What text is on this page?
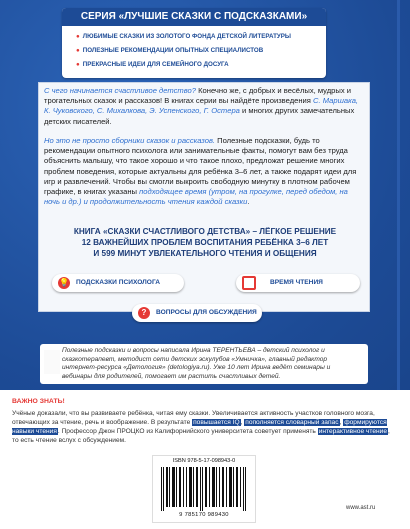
СЕРИЯ «ЛУЧШИЕ СКАЗКИ С ПОДСКАЗКАМИ»
● ЛЮБИМЫЕ СКАЗКИ ИЗ ЗОЛОТОГО ФОНДА ДЕТСКОЙ ЛИТЕРАТУРЫ
● ПОЛЕЗНЫЕ РЕКОМЕНДАЦИИ ОПЫТНЫХ СПЕЦИАЛИСТОВ
● ПРЕКРАСНЫЕ ИДЕИ ДЛЯ СЕМЕЙНОГО ДОСУГА
С чего начинается счастливое детство? Конечно же, с добрых и весёлых, мудрых и трогательных сказок и рассказов! В книгах серии вы найдёте произведения С. Маршака, К. Чуковского, С. Михалкова, Э. Успенского, Г. Остера и многих других замечательных детских писателей.
Но это не просто сборники сказок и рассказов. Полезные подсказки, будь то рекомендации опытного психолога или занимательные факты, помогут вам без труда объяснить малышу, что такое хорошо и что такое плохо, предложат решение многих проблем поведения, которые актуальны для ребёнка 3–6 лет, а также подарят идеи для игр и развлечений. Чтобы вы смогли выкроить свободную минутку в плотном рабочем графике, в книгах указаны подходящее время (утром, на прогулке, перед обедом, на ночь и др.) и продолжительность чтения каждой сказки.
КНИГА «СКАЗКИ СЧАСТЛИВОГО ДЕТСТВА» – ЛЁГКОЕ РЕШЕНИЕ
12 ВАЖНЕЙШИХ ПРОБЛЕМ ВОСПИТАНИЯ РЕБЁНКА 3–6 ЛЕТ
И 599 МИНУТ УВЛЕКАТЕЛЬНОГО ЧТЕНИЯ И ОБЩЕНИЯ
💡 ПОДСКАЗКИ ПСИХОЛОГА	ВРЕМЯ ЧТЕНИЯ
?	ВОПРОСЫ ДЛЯ ОБСУЖДЕНИЯ
Полезные подсказки и вопросы написала Ирина ТЕРЕНТЬЕВА – детский психолог и сказкотерапевт, методист сети детских эскулубов «Умничка», главный редактор интернет-ресурса «Детология» (detologiya.ru). Уже 10 лет Ирина ведёт семинары и вебинары для родителей, помогает им растить счастливых детей.
ВАЖНО ЗНАТЬ!
Учёные доказали, что вы развиваете ребёнка, читая ему сказки. Увеличивается активность участков головного мозга, отвечающих за чтение, речь и воображение. В результате повышается IQ, пополняется словарный запас, формируются навыки чтения. Профессор Джон ПРОЦКО из Калифорнийского университета советует применять интерактивное чтение, то есть чтение вслух с обсуждением.
ISBN 978-5-17-098943-0
9 785170 989430
www.ast.ru
